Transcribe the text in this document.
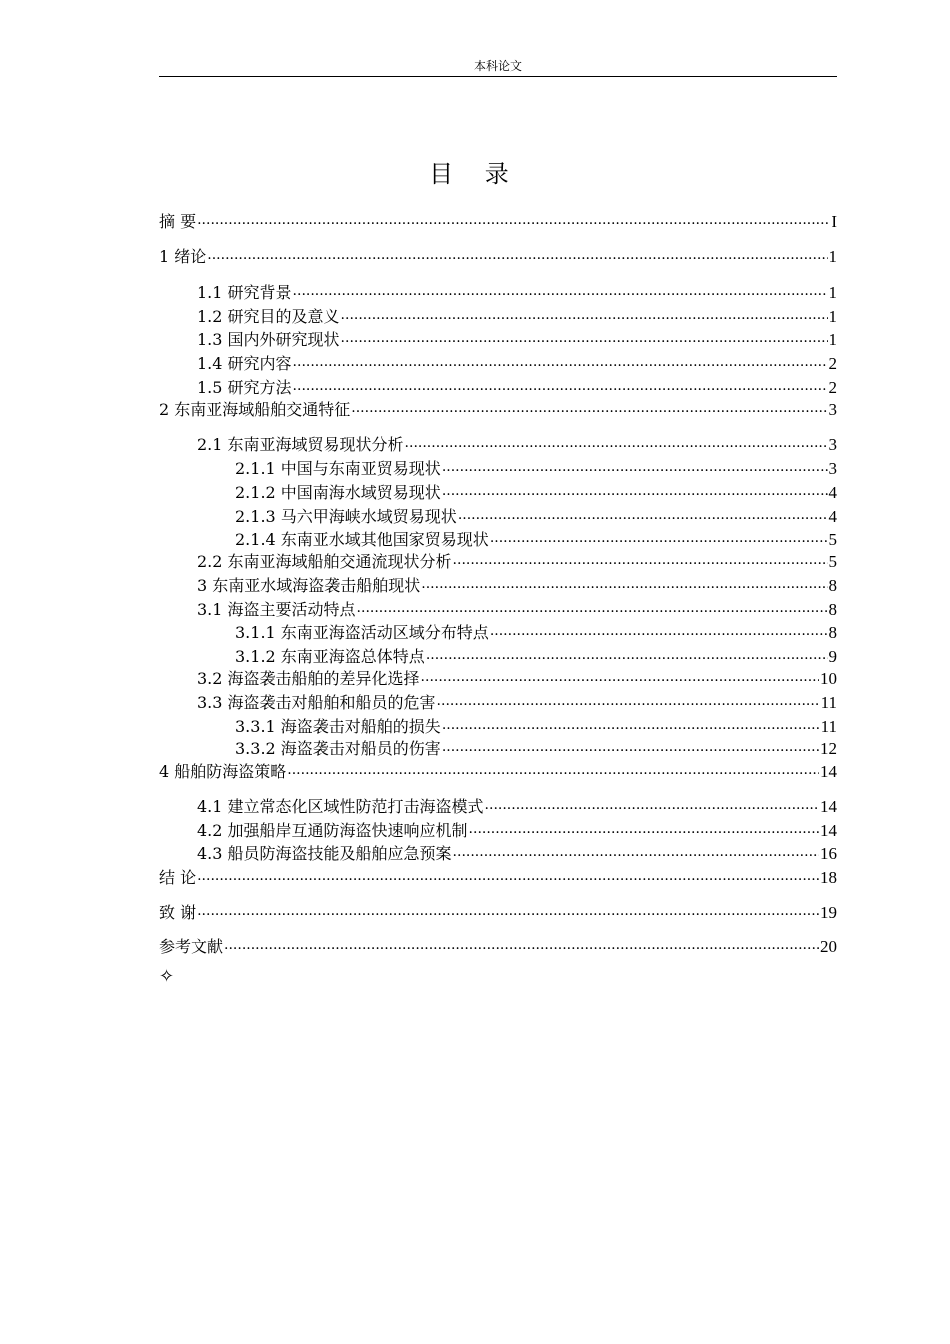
本科论文
目 录
摘 要 .....	I
1 绪论 .....	1
1.1 研究背景 .....	1
1.2 研究目的及意义 .....	1
1.3 国内外研究现状 .....	1
1.4 研究内容 .....	2
1.5 研究方法 .....	2
2 东南亚海域船舶交通特征 .....	3
2.1 东南亚海域贸易现状分析 .....	3
2.1.1 中国与东南亚贸易现状 .....	3
2.1.2 中国南海水域贸易现状 .....	4
2.1.3 马六甲海峡水域贸易现状 .....	4
2.1.4 东南亚水域其他国家贸易现状 .....	5
2.2 东南亚海域船舶交通流现状分析 .....	5
3 东南亚水域海盗袭击船舶现状 .....	8
3.1 海盗主要活动特点 .....	8
3.1.1 东南亚海盗活动区域分布特点 .....	8
3.1.2 东南亚海盗总体特点 .....	9
3.2 海盗袭击船舶的差异化选择 .....	10
3.3 海盗袭击对船舶和船员的危害 .....	11
3.3.1 海盗袭击对船舶的损失 .....	11
3.3.2 海盗袭击对船员的伤害 .....	12
4 船舶防海盗策略 .....	14
4.1 建立常态化区域性防范打击海盗模式 .....	14
4.2 加强船岸互通防海盗快速响应机制 .....	14
4.3 船员防海盗技能及船舶应急预案 .....	16
结 论 .....	18
致 谢 .....	19
参考文献 .....	20
✧
